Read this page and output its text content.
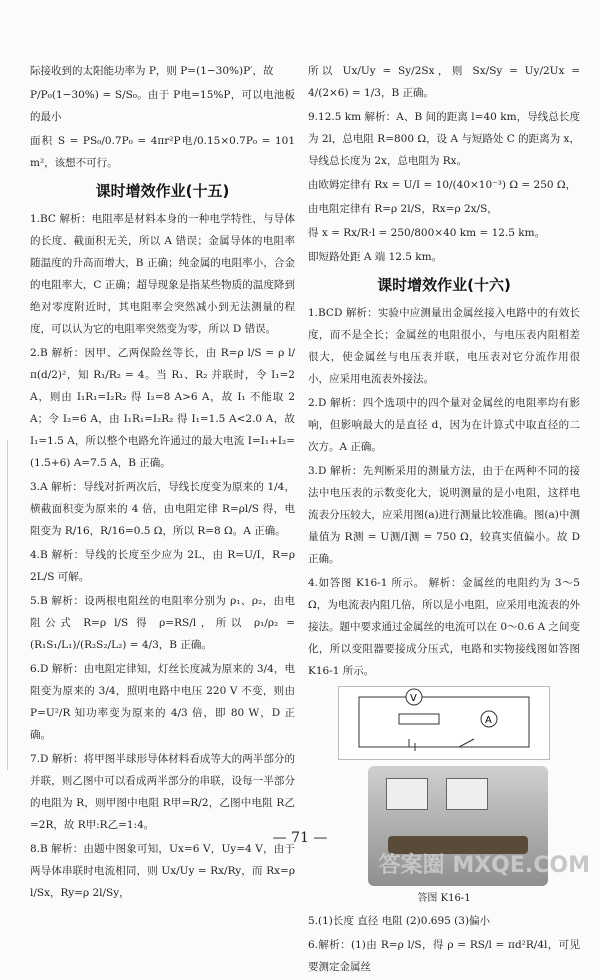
际接收到的太阳能功率为 P，则 P=(1−30%)P′，故

P/P₀(1−30%) = S/S₀。由于 P电=15%P，可以电池板的最小

面积 S = PS₀/0.7P₀ = 4πr²P电/0.15×0.7P₀ = 101 m²，该想不可行。

课时增效作业(十五)

1.BC 解析：电阻率是材料本身的一种电学特性，与导体的长度、截面积无关，所以 A 错误；金属导体的电阻率随温度的升高而增大，B 正确；纯金属的电阻率小，合金的电阻率大，C 正确；超导现象是指某些物质的温度降到绝对零度附近时，其电阻率会突然减小到无法测量的程度，可以认为它的电阻率突然变为零，所以 D 错误。

2.B 解析：因甲、乙两保险丝等长，由 R=ρ l/S = ρ l/π(d/2)²，知 R₁/R₂ = 4。当 R₁、R₂ 并联时，令 I₁=2 A，则由 I₁R₁=I₂R₂ 得 I₂=8 A>6 A，故 I₁ 不能取 2 A；令 I₂=6 A，由 I₁R₁=I₂R₂ 得 I₁=1.5 A<2.0 A，故 I₁=1.5 A，所以整个电路允许通过的最大电流 I=I₁+I₂=(1.5+6) A=7.5 A，B 正确。

3.A 解析：导线对折两次后，导线长度变为原来的 1/4，横截面积变为原来的 4 倍，由电阻定律 R=ρl/S 得，电阻变为 R/16，R/16=0.5 Ω，所以 R=8 Ω。A 正确。

4.B 解析：导线的长度至少应为 2L，由 R=U/I，R=ρ 2L/S 可解。

5.B 解析：设两根电阻丝的电阻率分别为 ρ₁、ρ₂，由电阻公式 R=ρ l/S 得 ρ=RS/l，所以 ρ₁/ρ₂ = (R₁S₁/L₁)/(R₂S₂/L₂) = 4/3，B 正确。

6.D 解析：由电阻定律知，灯丝长度减为原来的 3/4，电阻变为原来的 3/4，照明电路中电压 220 V 不变，则由 P=U²/R 知功率变为原来的 4/3 倍，即 80 W，D 正确。

7.D 解析：将甲图半球形导体材料看成等大的两半部分的并联，则乙图中可以看成两半部分的串联，设每一半部分的电阻为 R，则甲图中电阻 R甲=R/2，乙图中电阻 R乙=2R，故 R甲:R乙=1:4。

8.B 解析：由题中图象可知，Ux=6 V，Uy=4 V，由于两导体串联时电流相同，则 Ux/Uy = Rx/Ry，而 Rx=ρ l/Sx，Ry=ρ 2l/Sy，

所以 Ux/Uy = Sy/2Sx，则 Sx/Sy = Uy/2Ux = 4/(2×6) = 1/3，B 正确。

9.12.5 km 解析：A、B 间的距离 l=40 km，导线总长度为 2l，总电阻 R=800 Ω，设 A 与短路处 C 的距离为 x，导线总长度为 2x，总电阻为 Rx。

由欧姆定律有 Rx = U/I = 10/(40×10⁻³) Ω = 250 Ω，

由电阻定律有 R=ρ 2l/S，Rx=ρ 2x/S，

得 x = Rx/R·l = 250/800×40 km = 12.5 km。

即短路处距 A 端 12.5 km。

课时增效作业(十六)

1.BCD 解析：实验中应测量出金属丝接入电路中的有效长度，而不是全长；金属丝的电阻很小，与电压表内阻相差很大，使金属丝与电压表并联，电压表对它分流作用很小，应采用电流表外接法。

2.D 解析：四个选项中的四个量对金属丝的电阻率均有影响，但影响最大的是直径 d，因为在计算式中取直径的二次方。A 正确。

3.D 解析：先判断采用的测量方法，由于在两种不同的接法中电压表的示数变化大，说明测量的是小电阻，这样电流表分压较大，应采用图(a)进行测量比较准确。图(a)中测量值为 R测 = U测/I测 = 750 Ω，较真实值偏小。故 D 正确。

4.如答图 K16-1 所示。 解析：金属丝的电阻约为 3～5 Ω，为电流表内阻几倍，所以是小电阻，应采用电流表的外接法。题中要求通过金属丝的电流可以在 0～0.6 A 之间变化，所以变阻器要接成分压式，电路和实物接线图如答图 K16-1 所示。

V
A
答图 K16-1

5.(1)长度 直径 电阻 (2)0.695 (3)偏小

6.解析：(1)由 R=ρ l/S，得 ρ = RS/l = πd²R/4l，可见要测定金属丝

— 71 —
答案圈 MXQE.COM
